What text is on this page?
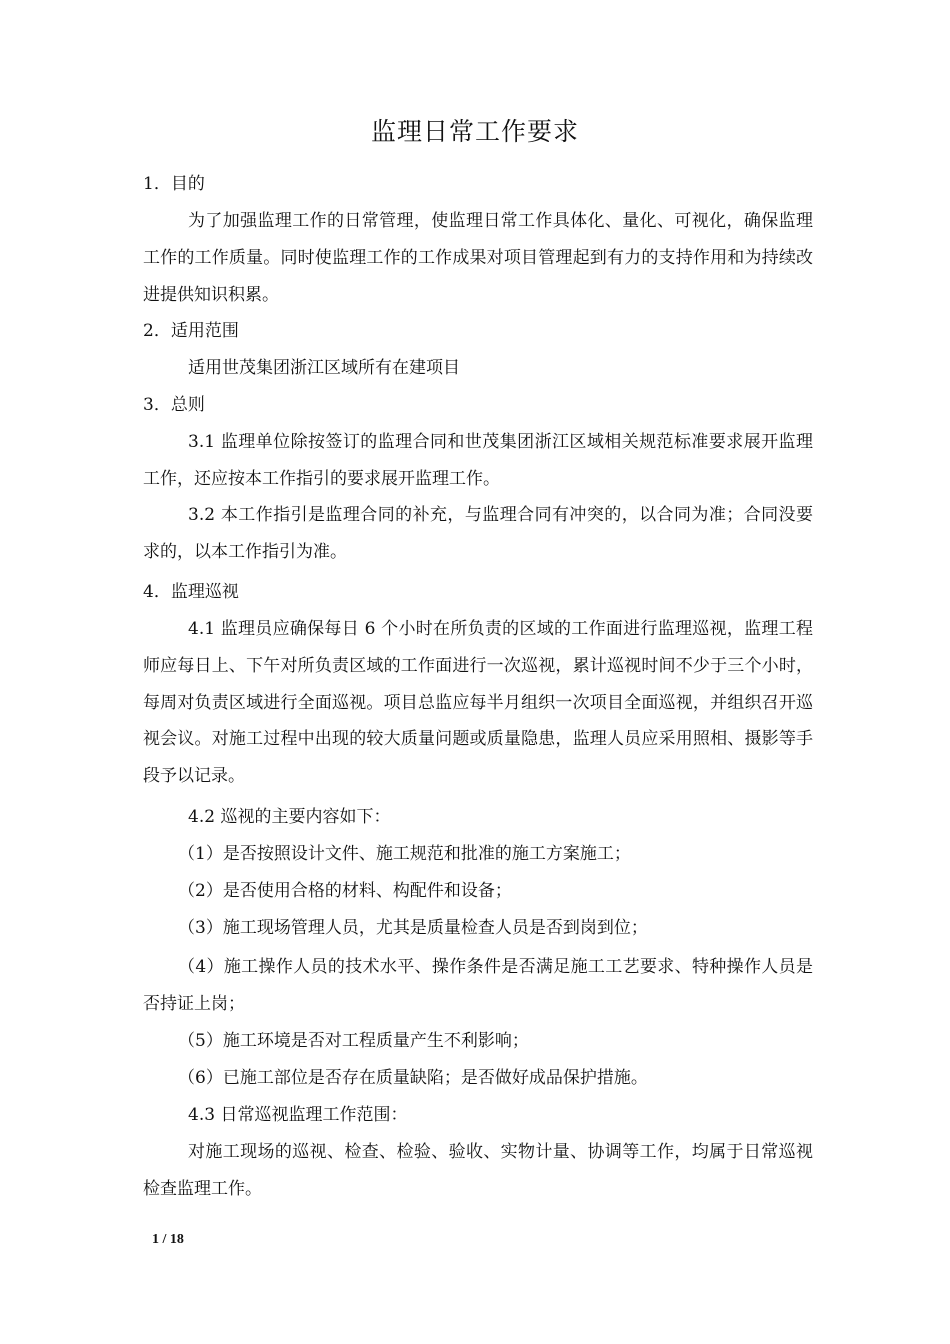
监理日常工作要求

1．目的

为了加强监理工作的日常管理，使监理日常工作具体化、量化、可视化，确保监理工作的工作质量。同时使监理工作的工作成果对项目管理起到有力的支持作用和为持续改进提供知识积累。

2．适用范围

适用世茂集团浙江区域所有在建项目

3．总则

3.1 监理单位除按签订的监理合同和世茂集团浙江区域相关规范标准要求展开监理工作，还应按本工作指引的要求展开监理工作。

3.2 本工作指引是监理合同的补充，与监理合同有冲突的，以合同为准；合同没要求的，以本工作指引为准。

4．监理巡视

4.1 监理员应确保每日 6 个小时在所负责的区域的工作面进行监理巡视，监理工程师应每日上、下午对所负责区域的工作面进行一次巡视，累计巡视时间不少于三个小时，每周对负责区域进行全面巡视。项目总监应每半月组织一次项目全面巡视，并组织召开巡视会议。对施工过程中出现的较大质量问题或质量隐患，监理人员应采用照相、摄影等手段予以记录。

4.2 巡视的主要内容如下：

（1）是否按照设计文件、施工规范和批准的施工方案施工；

（2）是否使用合格的材料、构配件和设备；

（3）施工现场管理人员，尤其是质量检查人员是否到岗到位；

（4）施工操作人员的技术水平、操作条件是否满足施工工艺要求、特种操作人员是否持证上岗；

（5）施工环境是否对工程质量产生不利影响；

（6）已施工部位是否存在质量缺陷；是否做好成品保护措施。

4.3 日常巡视监理工作范围：

对施工现场的巡视、检查、检验、验收、实物计量、协调等工作，均属于日常巡视检查监理工作。

1 / 18
